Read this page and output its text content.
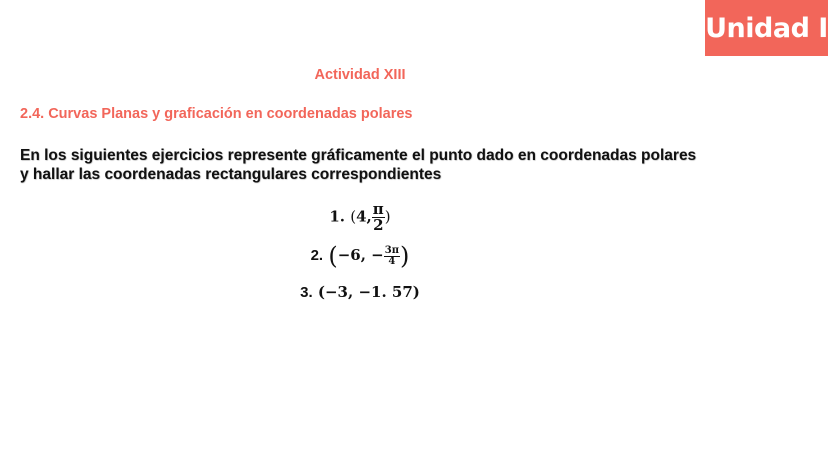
Unidad I
Actividad XIII
2.4. Curvas Planas y graficación en coordenadas polares
En los siguientes ejercicios represente gráficamente el punto dado en coordenadas polares y hallar las coordenadas rectangulares correspondientes
1. (4, $\frac{\pi}{2}$ )
2. (−6, − $\frac{3\pi}{4}$ )
3. (−3, −1. 57)
